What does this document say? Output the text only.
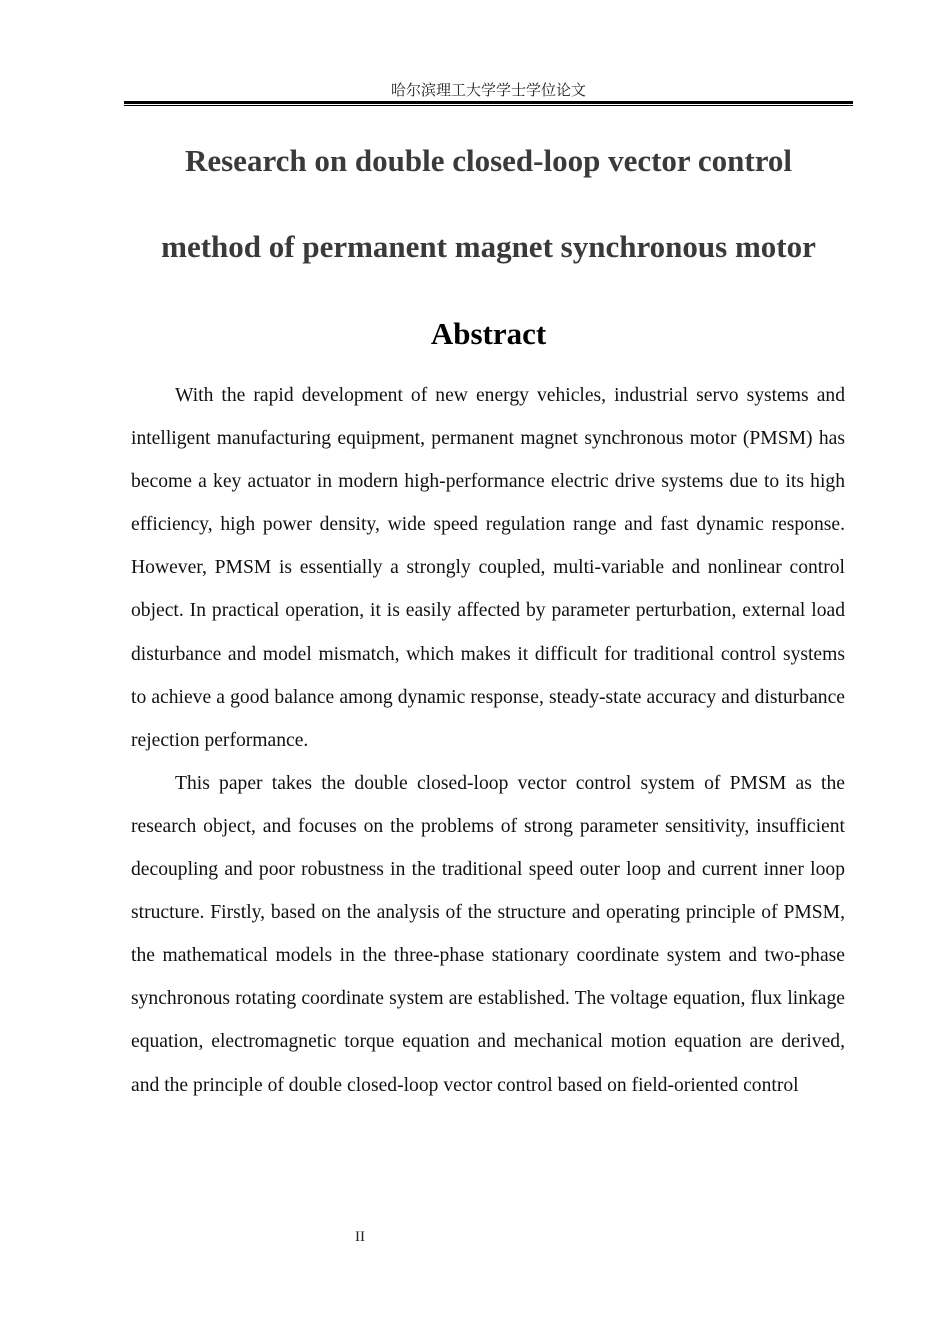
哈尔滨理工大学学士学位论文
Research on double closed-loop vector control
method of permanent magnet synchronous motor
Abstract

With the rapid development of new energy vehicles, industrial servo systems and intelligent manufacturing equipment, permanent magnet synchronous motor (PMSM) has become a key actuator in modern high-performance electric drive systems due to its high efficiency, high power density, wide speed regulation range and fast dynamic response. However, PMSM is essentially a strongly coupled, multi-variable and nonlinear control object. In practical operation, it is easily affected by parameter perturbation, external load disturbance and model mismatch, which makes it difficult for traditional control systems to achieve a good balance among dynamic response, steady-state accuracy and disturbance rejection performance.

This paper takes the double closed-loop vector control system of PMSM as the research object, and focuses on the problems of strong parameter sensitivity, insufficient decoupling and poor robustness in the traditional speed outer loop and current inner loop structure. Firstly, based on the analysis of the structure and operating principle of PMSM, the mathematical models in the three-phase stationary coordinate system and two-phase synchronous rotating coordinate system are established. The voltage equation, flux linkage equation, electromagnetic torque equation and mechanical motion equation are derived, and the principle of double closed-loop vector control based on field-oriented control

II
